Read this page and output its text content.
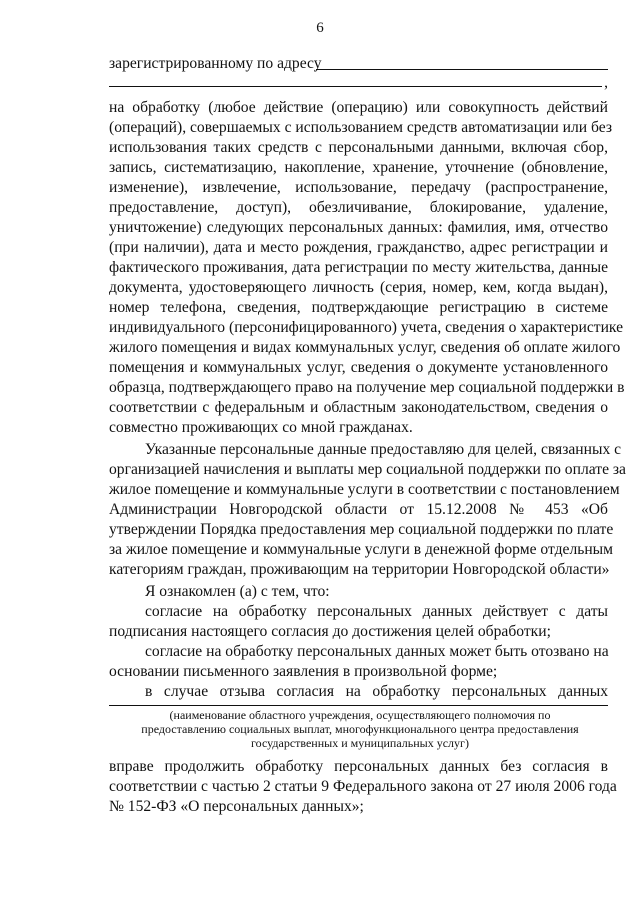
6
зарегистрированному по адресу
,
на обработку (любое действие (операцию) или совокупность действий
(операций), совершаемых с использованием средств автоматизации или без
использования таких средств с персональными данными, включая сбор,
запись, систематизацию, накопление, хранение, уточнение (обновление,
изменение), извлечение, использование, передачу (распространение,
предоставление, доступ), обезличивание, блокирование, удаление,
уничтожение) следующих персональных данных: фамилия, имя, отчество
(при наличии), дата и место рождения, гражданство, адрес регистрации и
фактического проживания, дата регистрации по месту жительства, данные
документа, удостоверяющего личность (серия, номер, кем, когда выдан),
номер телефона, сведения, подтверждающие регистрацию в системе
индивидуального (персонифицированного) учета, сведения о характеристике
жилого помещения и видах коммунальных услуг, сведения об оплате жилого
помещения и коммунальных услуг, сведения о документе установленного
образца, подтверждающего право на получение мер социальной поддержки в
соответствии с федеральным и областным законодательством, сведения о
совместно проживающих со мной гражданах.
Указанные персональные данные предоставляю для целей, связанных с
организацией начисления и выплаты мер социальной поддержки по оплате за
жилое помещение и коммунальные услуги в соответствии с постановлением
Администрации Новгородской области от 15.12.2008 № 453 «Об
утверждении Порядка предоставления мер социальной поддержки по плате
за жилое помещение и коммунальные услуги в денежной форме отдельным
категориям граждан, проживающим на территории Новгородской области»
Я ознакомлен (а) с тем, что:
согласие на обработку персональных данных действует с даты
подписания настоящего согласия до достижения целей обработки;
согласие на обработку персональных данных может быть отозвано на
основании письменного заявления в произвольной форме;
в случае отзыва согласия на обработку персональных данных
(наименование областного учреждения, осуществляющего полномочия по
предоставлению социальных выплат, многофункционального центра предоставления
государственных и муниципальных услуг)
вправе продолжить обработку персональных данных без согласия в
соответствии с частью 2 статьи 9 Федерального закона от 27 июля 2006 года
№ 152-ФЗ «О персональных данных»;
